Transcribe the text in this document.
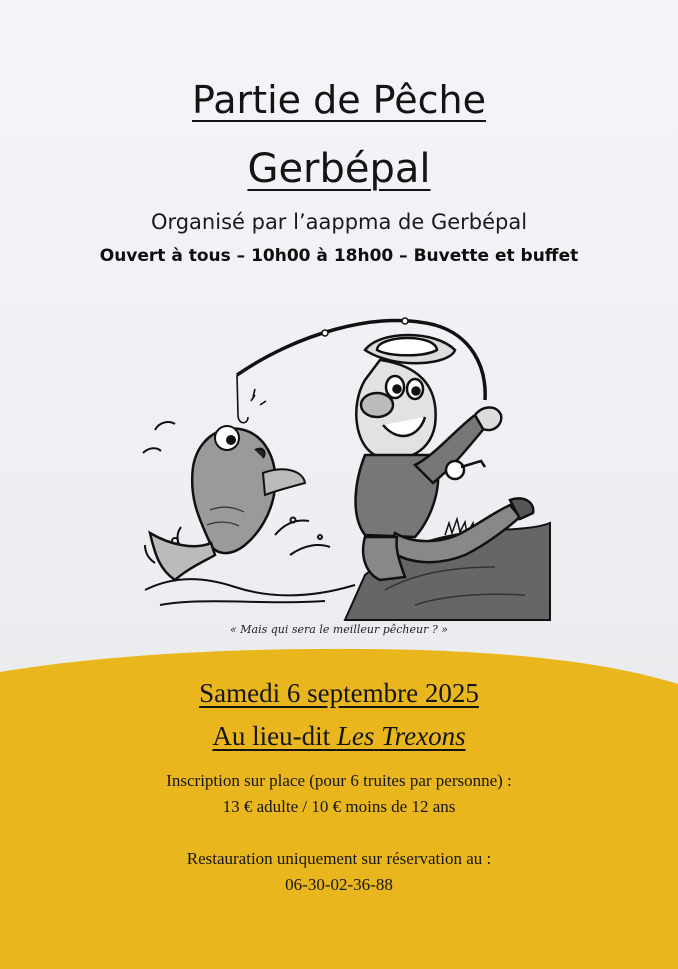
Partie de Pêche
Gerbépal
Organisé par l’aappma de Gerbépal
Ouvert à tous – 10h00 à 18h00 – Buvette et buffet
« Mais qui sera le meilleur pêcheur ? »
Samedi 6 septembre 2025
Au lieu-dit Les Trexons
Inscription sur place (pour 6 truites par personne) :
13 € adulte / 10 € moins de 12 ans
Restauration uniquement sur réservation au :
06-30-02-36-88
